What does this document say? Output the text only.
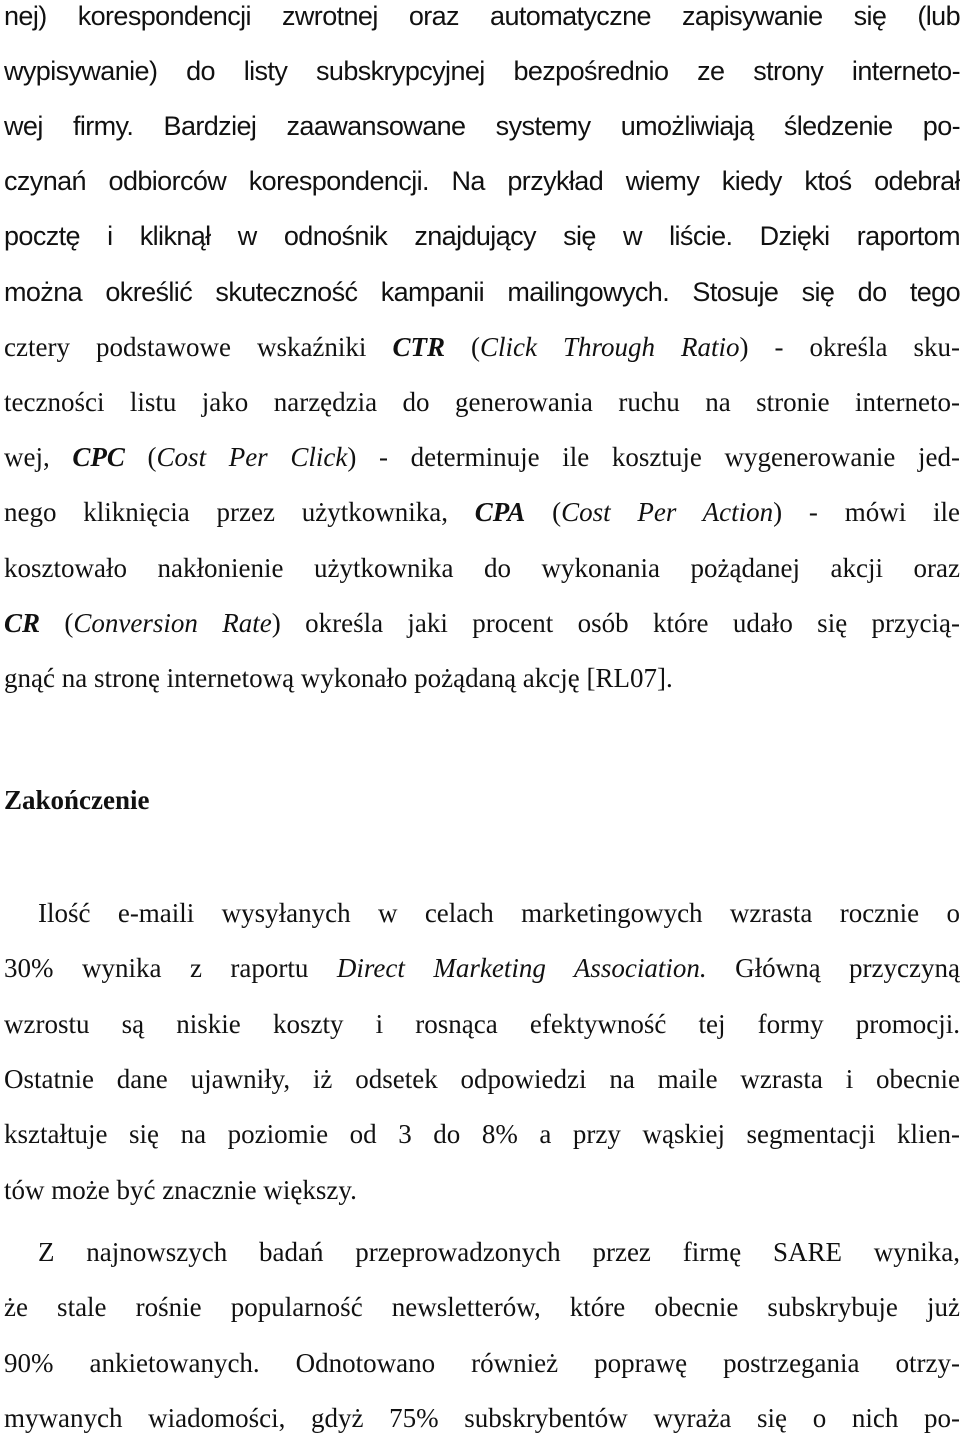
nej) korespondencji zwrotnej oraz automatyczne zapisywanie się (lub
wypisywanie) do listy subskrypcyjnej bezpośrednio ze strony interneto-
wej firmy. Bardziej zaawansowane systemy umożliwiają śledzenie po-
czynań odbiorców korespondencji. Na przykład wiemy kiedy ktoś odebrał
pocztę i kliknął w odnośnik znajdujący się w liście. Dzięki raportom
można określić skuteczność kampanii mailingowych. Stosuje się do tego
cztery podstawowe wskaźniki CTR (Click Through Ratio) - określa sku-
teczności listu jako narzędzia do generowania ruchu na stronie interneto-
wej, CPC (Cost Per Click) - determinuje ile kosztuje wygenerowanie jed-
nego kliknięcia przez użytkownika, CPA (Cost Per Action) - mówi ile
kosztowało nakłonienie użytkownika do wykonania pożądanej akcji oraz
CR (Conversion Rate) określa jaki procent osób które udało się przycią-
gnąć na stronę internetową wykonało pożądaną akcję [RL07].
Zakończenie
Ilość e-maili wysyłanych w celach marketingowych wzrasta rocznie o
30% wynika z raportu Direct Marketing Association. Główną przyczyną
wzrostu są niskie koszty i rosnąca efektywność tej formy promocji.
Ostatnie dane ujawniły, iż odsetek odpowiedzi na maile wzrasta i obecnie
kształtuje się na poziomie od 3 do 8% a przy wąskiej segmentacji klien-
tów może być znacznie większy.
Z najnowszych badań przeprowadzonych przez firmę SARE wynika,
że stale rośnie popularność newsletterów, które obecnie subskrybuje już
90% ankietowanych. Odnotowano również poprawę postrzegania otrzy-
mywanych wiadomości, gdyż 75% subskrybentów wyraża się o nich po-
